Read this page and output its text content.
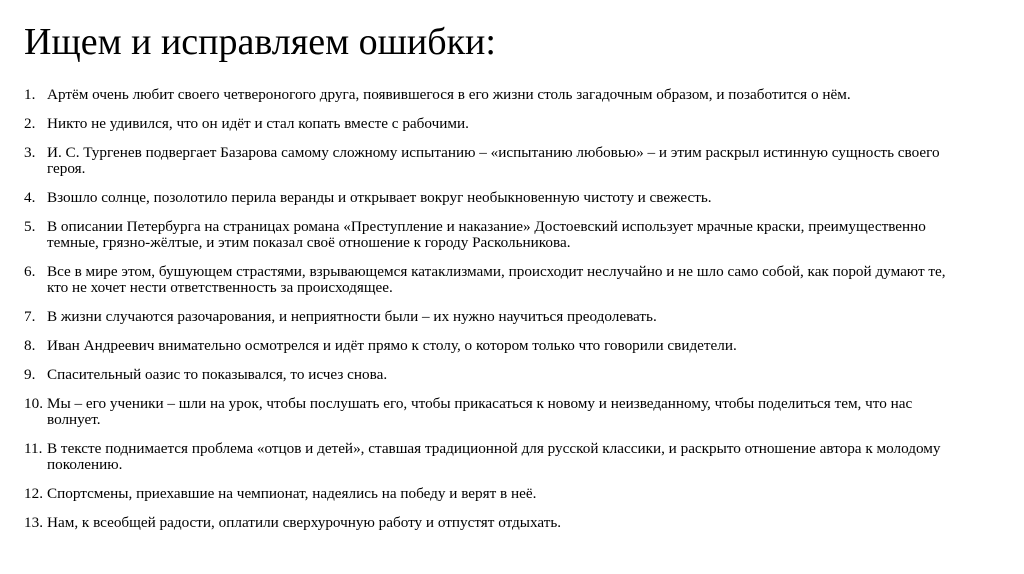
Ищем и исправляем ошибки:
1. Артём очень любит своего четвероногого друга, появившегося в его жизни столь загадочным образом, и позаботится о нём.
2. Никто не удивился, что он идёт и стал копать вместе с рабочими.
3. И. С. Тургенев подвергает Базарова самому сложному испытанию – «испытанию любовью» – и этим раскрыл истинную сущность своего героя.
4. Взошло солнце, позолотило перила веранды и открывает вокруг необыкновенную чистоту и свежесть.
5. В описании Петербурга на страницах романа «Преступление и наказание» Достоевский использует мрачные краски, преимущественно темные, грязно-жёлтые, и этим показал своё отношение к городу Раскольникова.
6. Все в мире этом, бушующем страстями, взрывающемся катаклизмами, происходит неслучайно и не шло само собой, как порой думают те, кто не хочет нести ответственность за происходящее.
7. В жизни случаются разочарования, и неприятности были – их нужно научиться преодолевать.
8. Иван Андреевич внимательно осмотрелся и идёт прямо к столу, о котором только что говорили свидетели.
9. Спасительный оазис то показывался, то исчез снова.
10. Мы – его ученики – шли на урок, чтобы послушать его, чтобы прикасаться к новому и неизведанному, чтобы поделиться тем, что нас волнует.
11. В тексте поднимается проблема «отцов и детей», ставшая традиционной для русской классики, и раскрыто отношение автора к молодому поколению.
12. Спортсмены, приехавшие на чемпионат, надеялись на победу и верят в неё.
13. Нам, к всеобщей радости, оплатили сверхурочную работу и отпустят отдыхать.
